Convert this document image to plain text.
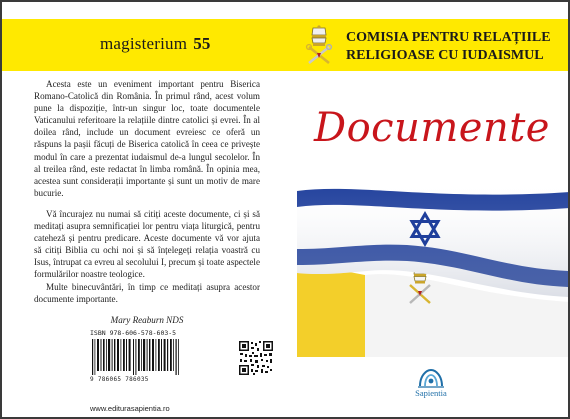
magisterium 55	COMISIA PENTRU RELAȚIILE
RELIGIOASE CU IUDAISMUL

Acesta este un eveniment important pentru Biserica Romano-Catolică din România. În primul rând, acest volum pune la dispoziție, într-un singur loc, toate documentele Vaticanului referitoare la relațiile dintre catolici și evrei. În al doilea rând, include un document evreiesc ce oferă un răspuns la pașii făcuți de Biserica catolică în ceea ce privește modul în care a prezentat iudaismul de-a lungul secolelor. În al treilea rând, este redactat în limba română. În opinia mea, acestea sunt considerații importante și sunt un motiv de mare bucurie.

Vă încurajez nu numai să citiți aceste documente, ci și să meditați asupra semnificației lor pentru viața liturgică, pentru cateheză și pentru predicare. Aceste documente vă vor ajuta să citiți Biblia cu ochi noi și să înțelegeți relația voastră cu Isus, întrupat ca evreu al secolului I, precum și toate aspectele formulărilor noastre teologice.

Multe binecuvântări, în timp ce meditați asupra acestor documente importante.

Mary Reaburn NDS

Documente
ISBN 978-606-578-603-5
9 786065 786035
www.editurasapientia.ro
Sapientia
